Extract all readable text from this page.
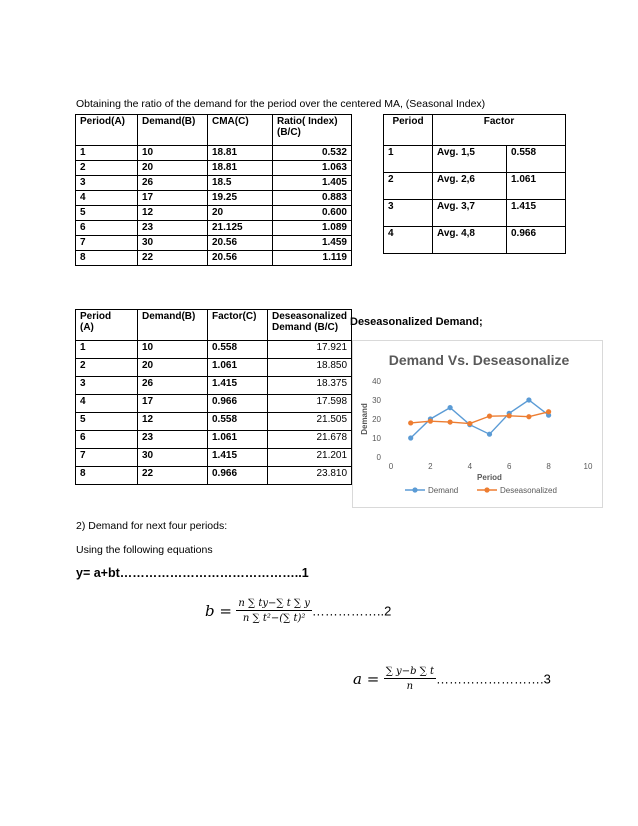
Obtaining the ratio of the demand for the period over the centered MA, (Seasonal Index)
Period(A)	Demand(B)	CMA(C)	Ratio( Index)
(B/C)
1	10	18.81	0.532
2	20	18.81	1.063
3	26	18.5	1.405
4	17	19.25	0.883
5	12	20	0.600
6	23	21.125	1.089
7	30	20.56	1.459
8	22	20.56	1.119
Period	Factor	
1	Avg. 1,5	0.558
2	Avg. 2,6	1.061
3	Avg. 3,7	1.415
4	Avg. 4,8	0.966
Period
(A)	Demand(B)	Factor(C)	Deseasonalized
Demand (B/C)
1	10	0.558	17.921
2	20	1.061	18.850
3	26	1.415	18.375
4	17	0.966	17.598
5	12	0.558	21.505
6	23	1.061	21.678
7	30	1.415	21.201
8	22	0.966	23.810
Deseasonalized Demand;
Demand Vs. Deseasonalize
0
10
20
30
40
0	2	4	6	8	10
Demand
Period
Demand	Deseasonalized
2) Demand for next four periods:
Using the following equations
y= a+bt……………………………………..1
$b = \frac{n \sum ty-\sum t \sum y}{\text{n ∑ t²−(∑ t)²}}$ ……………..2
$a = \frac{\sum y-b \sum t}{n}$ …………………….3
